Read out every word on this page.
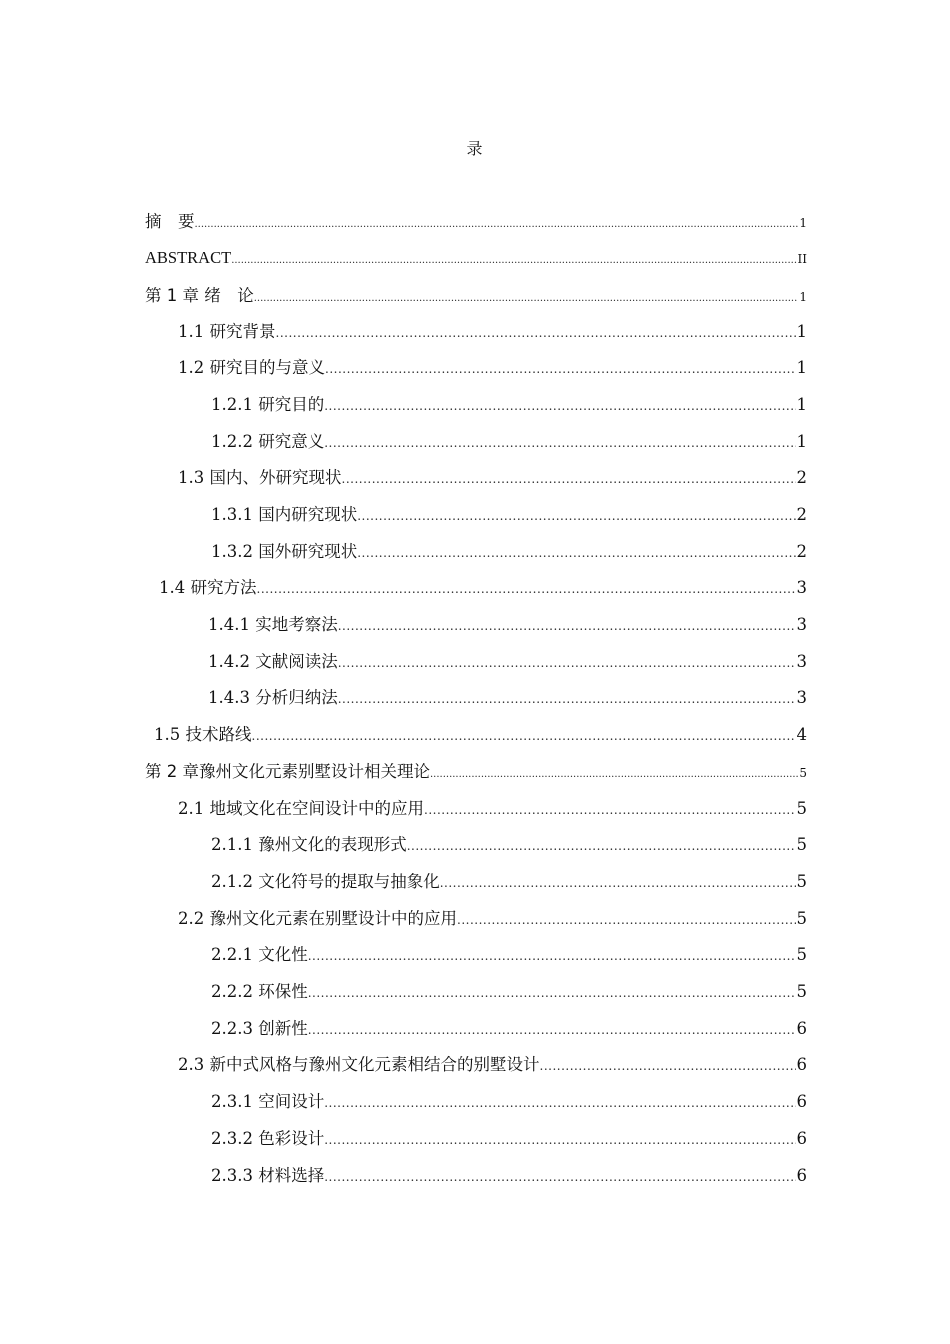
录
摘　要 .....	1
ABSTRACT .....	II
第 1 章 绪　论 .....	1
1.1 研究背景 .....	1
1.2 研究目的与意义 .....	1
1.2.1 研究目的 .....	1
1.2.2 研究意义 .....	1
1.3 国内、外研究现状 .....	2
1.3.1 国内研究现状 .....	2
1.3.2 国外研究现状 .....	2
1.4 研究方法 .....	3
1.4.1 实地考察法 .....	3
1.4.2 文献阅读法 .....	3
1.4.3 分析归纳法 .....	3
1.5 技术路线 .....	4
第 2 章豫州文化元素别墅设计相关理论 .....	5
2.1 地域文化在空间设计中的应用 .....	5
2.1.1 豫州文化的表现形式 .....	5
2.1.2 文化符号的提取与抽象化 .....	5
2.2 豫州文化元素在别墅设计中的应用 .....	5
2.2.1 文化性 .....	5
2.2.2 环保性 .....	5
2.2.3 创新性 .....	6
2.3 新中式风格与豫州文化元素相结合的别墅设计 .....	6
2.3.1 空间设计 .....	6
2.3.2 色彩设计 .....	6
2.3.3 材料选择 .....	6
